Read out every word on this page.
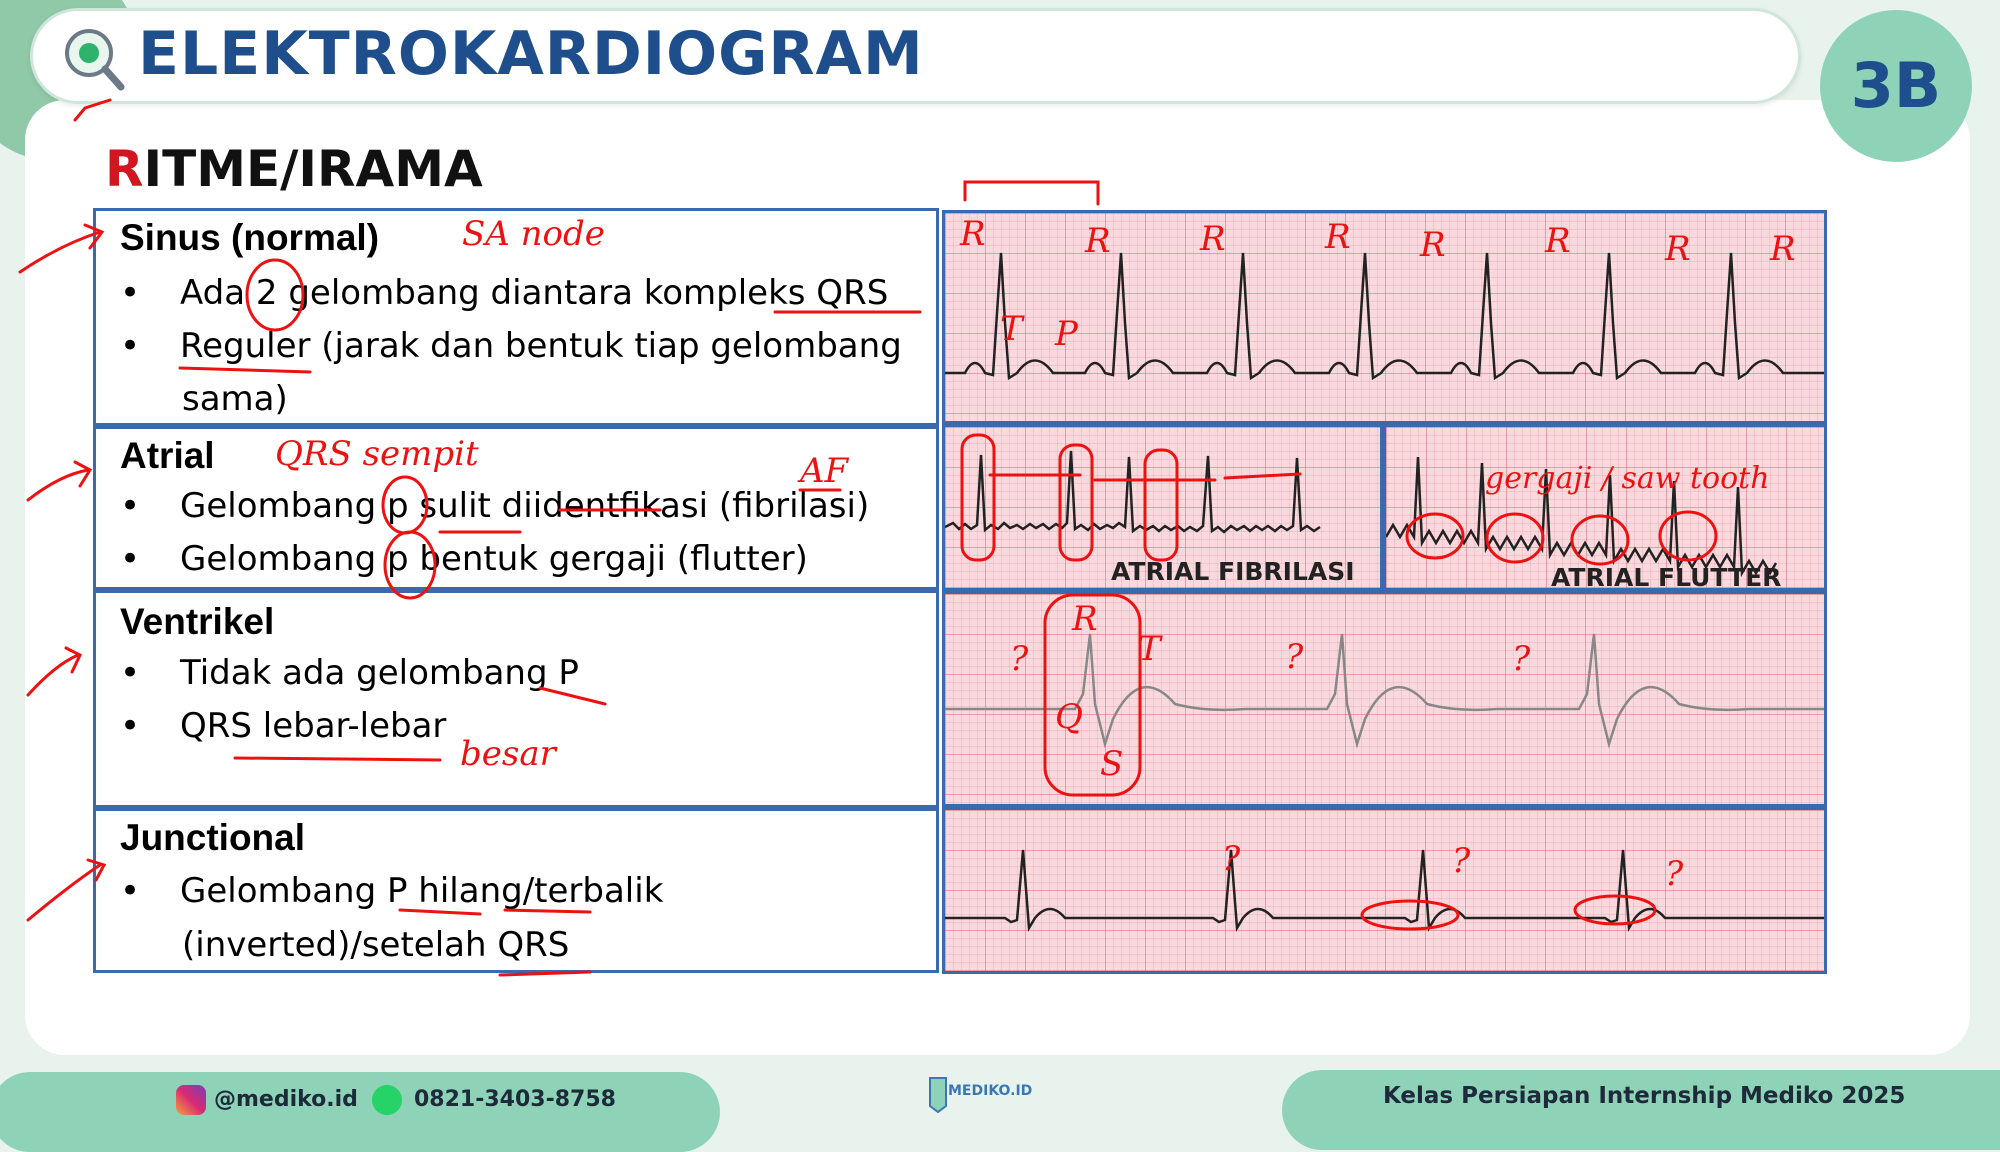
ELEKTROKARDIOGRAM	3B
RITME/IRAMA
Sinus (normal)
• Ada 2 gelombang diantara kompleks QRS
• Reguler (jarak dan bentuk tiap gelombang
sama)
Atrial
• Gelombang p sulit diidentfikasi (fibrilasi)
• Gelombang p bentuk gergaji (flutter)
Ventrikel
• Tidak ada gelombang P
• QRS lebar-lebar
Junctional
• Gelombang P hilang/terbalik
(inverted)/setelah QRS
ATRIAL FIBRILASI	ATRIAL FLUTTER
SA node
QRS sempit	AF	gergaji / saw tooth
besar
R	R	R	R R	R	R R
T P
R
T
Q
S
?	?	?
?	?	?
@mediko.id	0821-3403-8758	MEDIKO.ID	Kelas Persiapan Internship Mediko 2025
